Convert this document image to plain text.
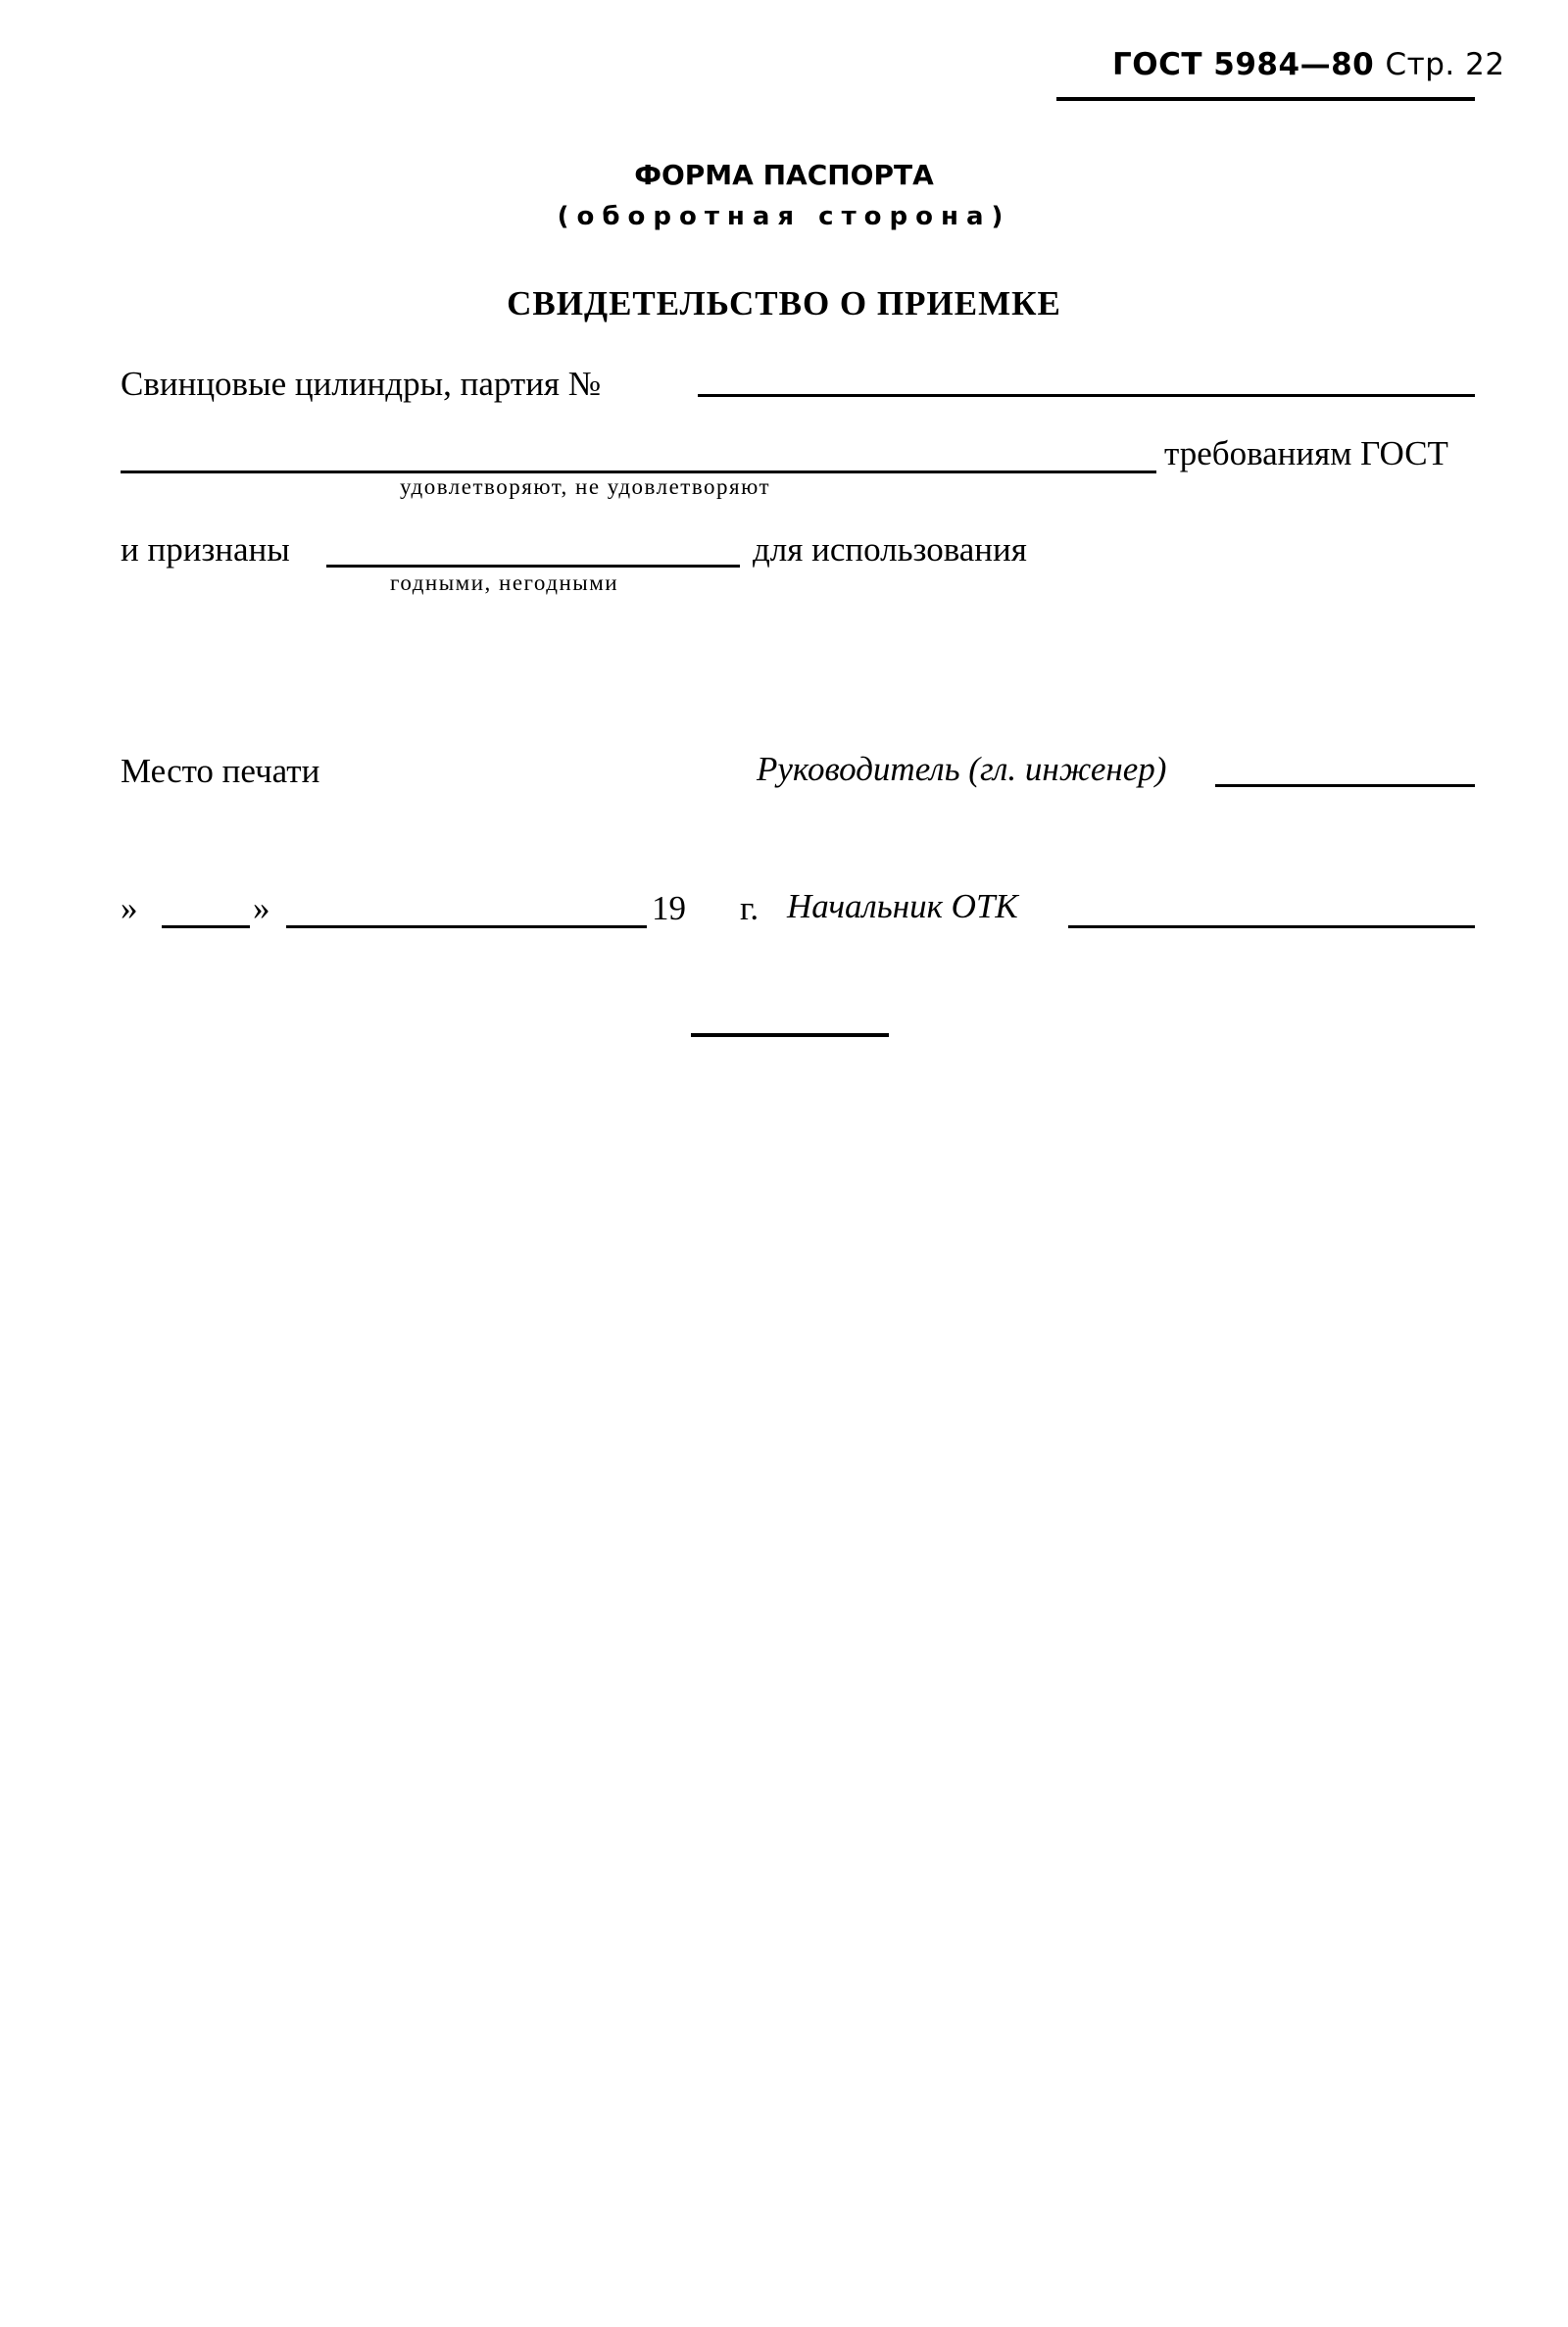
ГОСТ 5984—80 Стр. 22
ФОРМА ПАСПОРТА
(оборотная сторона)
СВИДЕТЕЛЬСТВО О ПРИЕМКЕ
Свинцовые цилиндры, партия №
требованиям ГОСТ
удовлетворяют, не удовлетворяют
и признаны	для использования
годными, негодными
Место печати	Руководитель (гл. инженер)
»	»	19 г. Начальник ОТК
